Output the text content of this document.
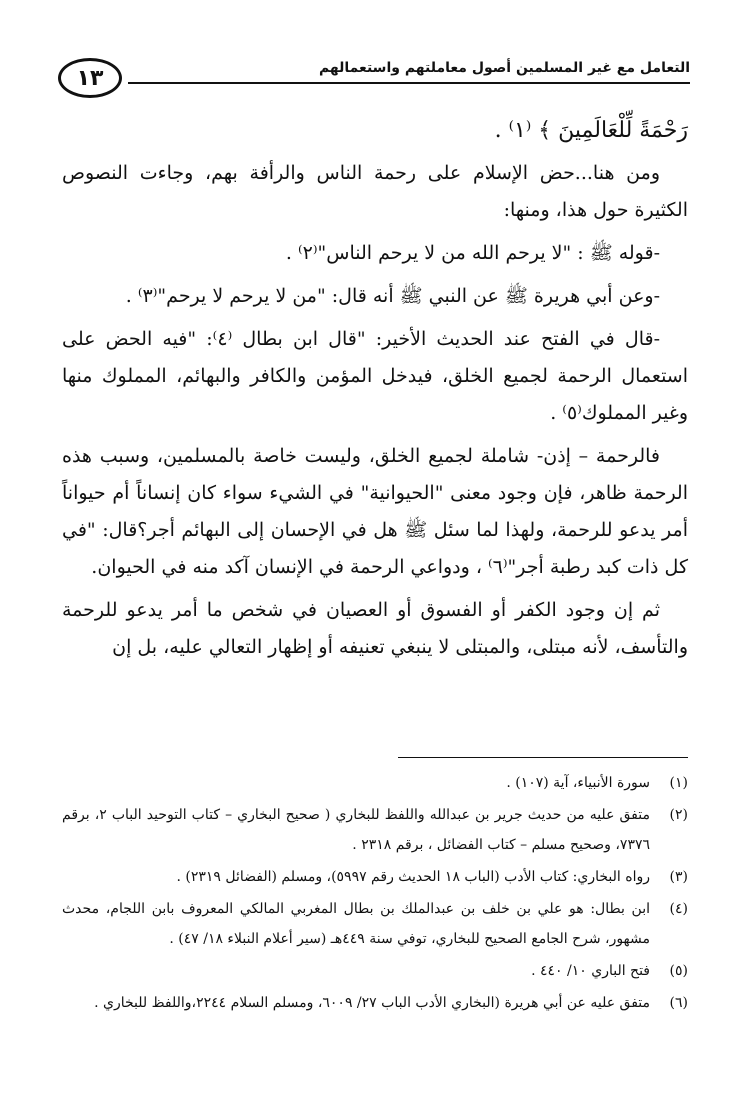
التعامل مع غير المسلمين أصول معاملتهم واستعمالهم
١٣

رَحْمَةً لِّلْعَالَمِينَ ﴾ ⁽١⁾ .

ومن هنا...حض الإسلام على رحمة الناس والرأفة بهم، وجاءت النصوص الكثيرة حول هذا، ومنها:

-قوله ﷺ : "لا يرحم الله من لا يرحم الناس"⁽٢⁾ .

-وعن أبي هريرة ﷺ عن النبي ﷺ أنه قال: "من لا يرحم لا يرحم"⁽٣⁾ .

-قال في الفتح عند الحديث الأخير: "قال ابن بطال ⁽٤⁾: "فيه الحض على استعمال الرحمة لجميع الخلق، فيدخل المؤمن والكافر والبهائم، المملوك منها وغير المملوك⁽٥⁾ .

فالرحمة – إذن- شاملة لجميع الخلق، وليست خاصة بالمسلمين، وسبب هذه الرحمة ظاهر، فإن وجود معنى "الحيوانية" في الشيء سواء كان إنساناً أم حيواناً أمر يدعو للرحمة، ولهذا لما سئل ﷺ هل في الإحسان إلى البهائم أجر؟قال: "في كل ذات كبد رطبة أجر"⁽٦⁾ ، ودواعي الرحمة في الإنسان آكد منه في الحيوان.

ثم إن وجود الكفر أو الفسوق أو العصيان في شخص ما أمر يدعو للرحمة والتأسف، لأنه مبتلى، والمبتلى لا ينبغي تعنيفه أو إظهار التعالي عليه، بل إن

(١)
سورة الأنبياء، آية (١٠٧) .
(٢)
متفق عليه من حديث جرير بن عبدالله واللفظ للبخاري ( صحيح البخاري – كتاب التوحيد الباب ٢، برقم ٧٣٧٦، وصحيح مسلم – كتاب الفضائل ، برقم ٢٣١٨ .
(٣)
رواه البخاري: كتاب الأدب (الباب ١٨ الحديث رقم ٥٩٩٧)، ومسلم (الفضائل ٢٣١٩) .
(٤)
ابن بطال: هو علي بن خلف بن عبدالملك بن بطال المغربي المالكي المعروف بابن اللجام، محدث مشهور، شرح الجامع الصحيح للبخاري، توفي سنة ٤٤٩هـ (سير أعلام النبلاء ١٨/ ٤٧) .
(٥)
فتح الباري ١٠/ ٤٤٠ .
(٦)
متفق عليه عن أبي هريرة (البخاري الأدب الباب ٢٧/ ٦٠٠٩، ومسلم السلام ٢٢٤٤،واللفظ للبخاري .
